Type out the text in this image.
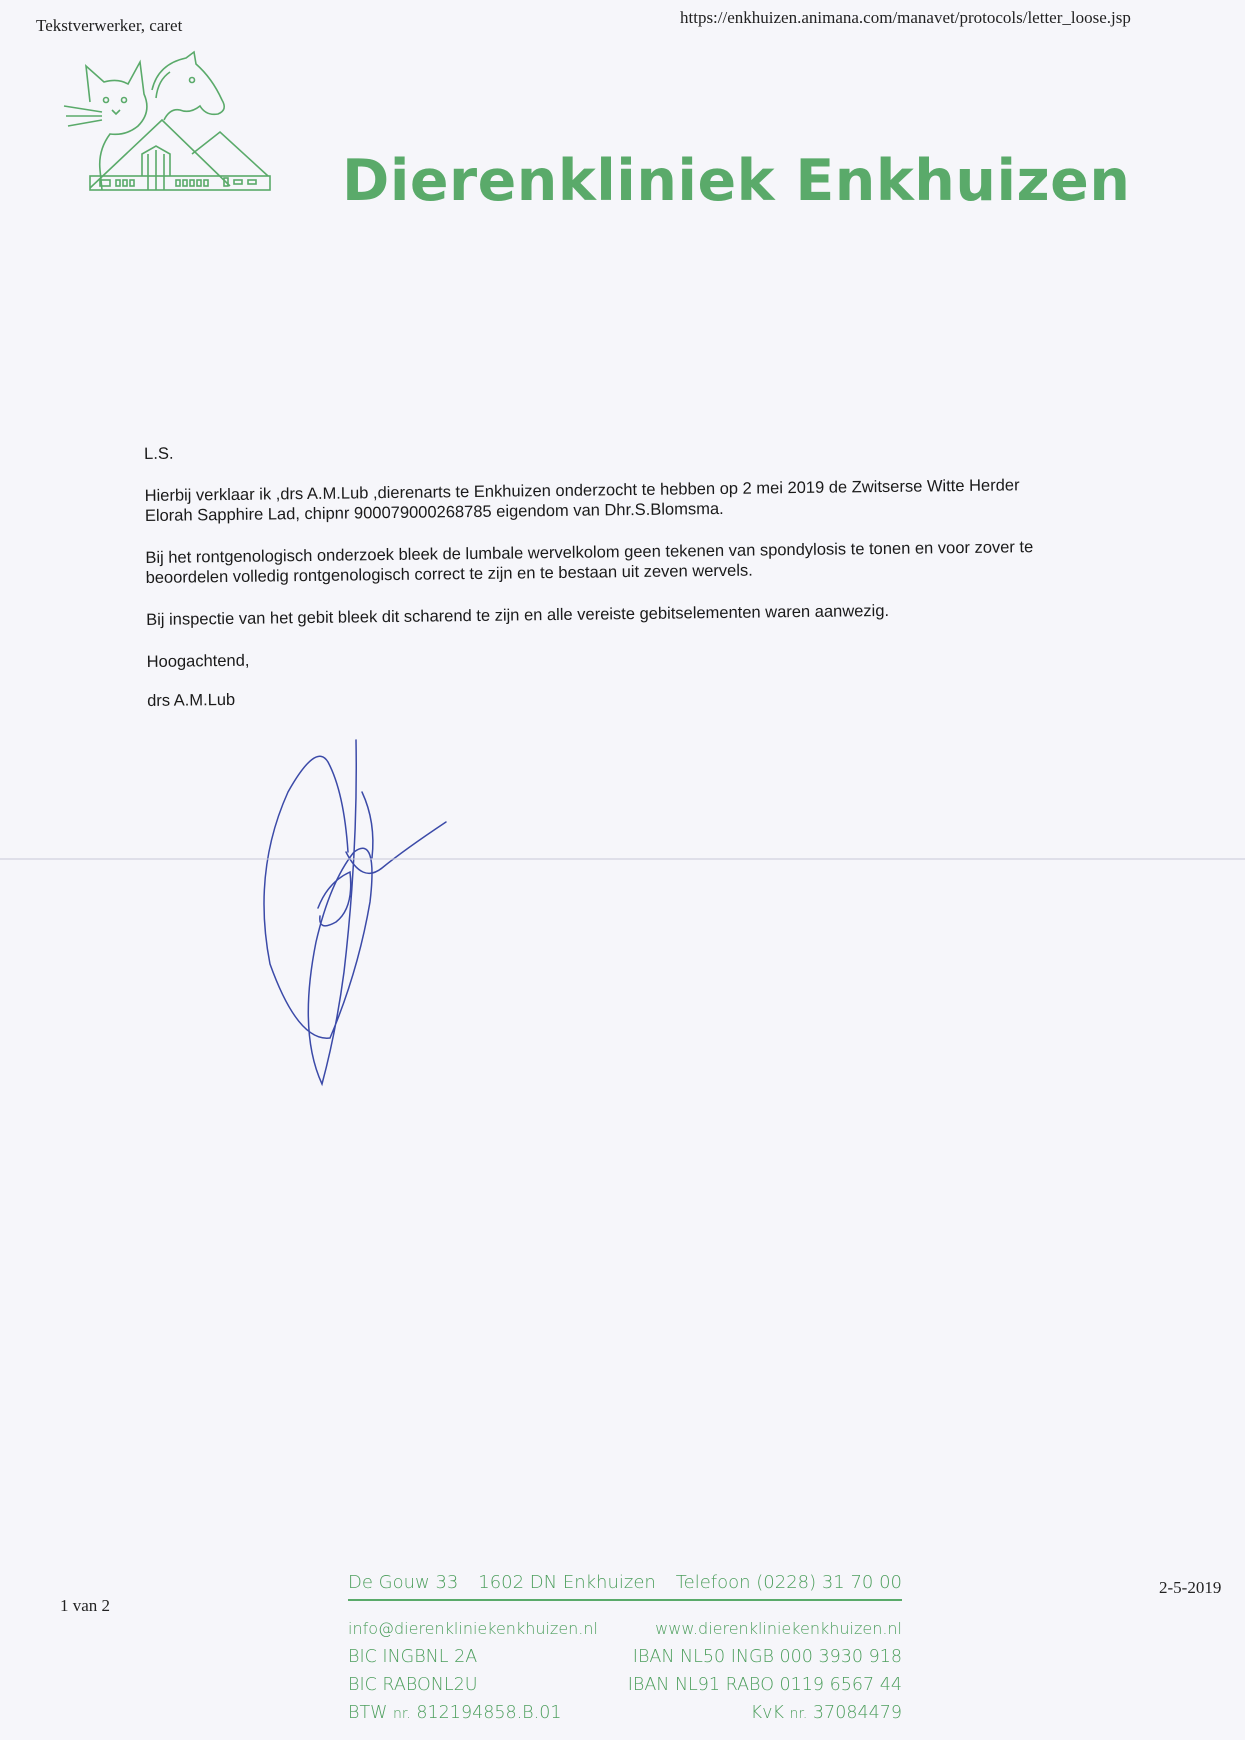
Tekstverwerker, caret	https://enkhuizen.animana.com/manavet/protocols/letter_loose.jsp
Dierenkliniek Enkhuizen

L.S.

Hierbij verklaar ik ,drs A.M.Lub ,dierenarts te Enkhuizen onderzocht te hebben op 2 mei 2019 de Zwitserse Witte Herder

Elorah Sapphire Lad, chipnr 900079000268785 eigendom van Dhr.S.Blomsma.

Bij het rontgenologisch onderzoek bleek de lumbale wervelkolom geen tekenen van spondylosis te tonen en voor zover te

beoordelen volledig rontgenologisch correct te zijn en te bestaan uit zeven wervels.

Bij inspectie van het gebit bleek dit scharend te zijn en alle vereiste gebitselementen waren aanwezig.

Hoogachtend,

drs A.M.Lub

De Gouw 33 1602 DN Enkhuizen Telefoon (0228) 31 70 00
info@dierenkliniekenkhuizen.nl	www.dierenkliniekenkhuizen.nl
BIC INGBNL 2A	IBAN NL50 INGB 000 3930 918
BIC RABONL2U	IBAN NL91 RABO 0119 6567 44
BTW nr. 812194858.B.01	KvK nr. 37084479
1 van 2
2-5-2019
